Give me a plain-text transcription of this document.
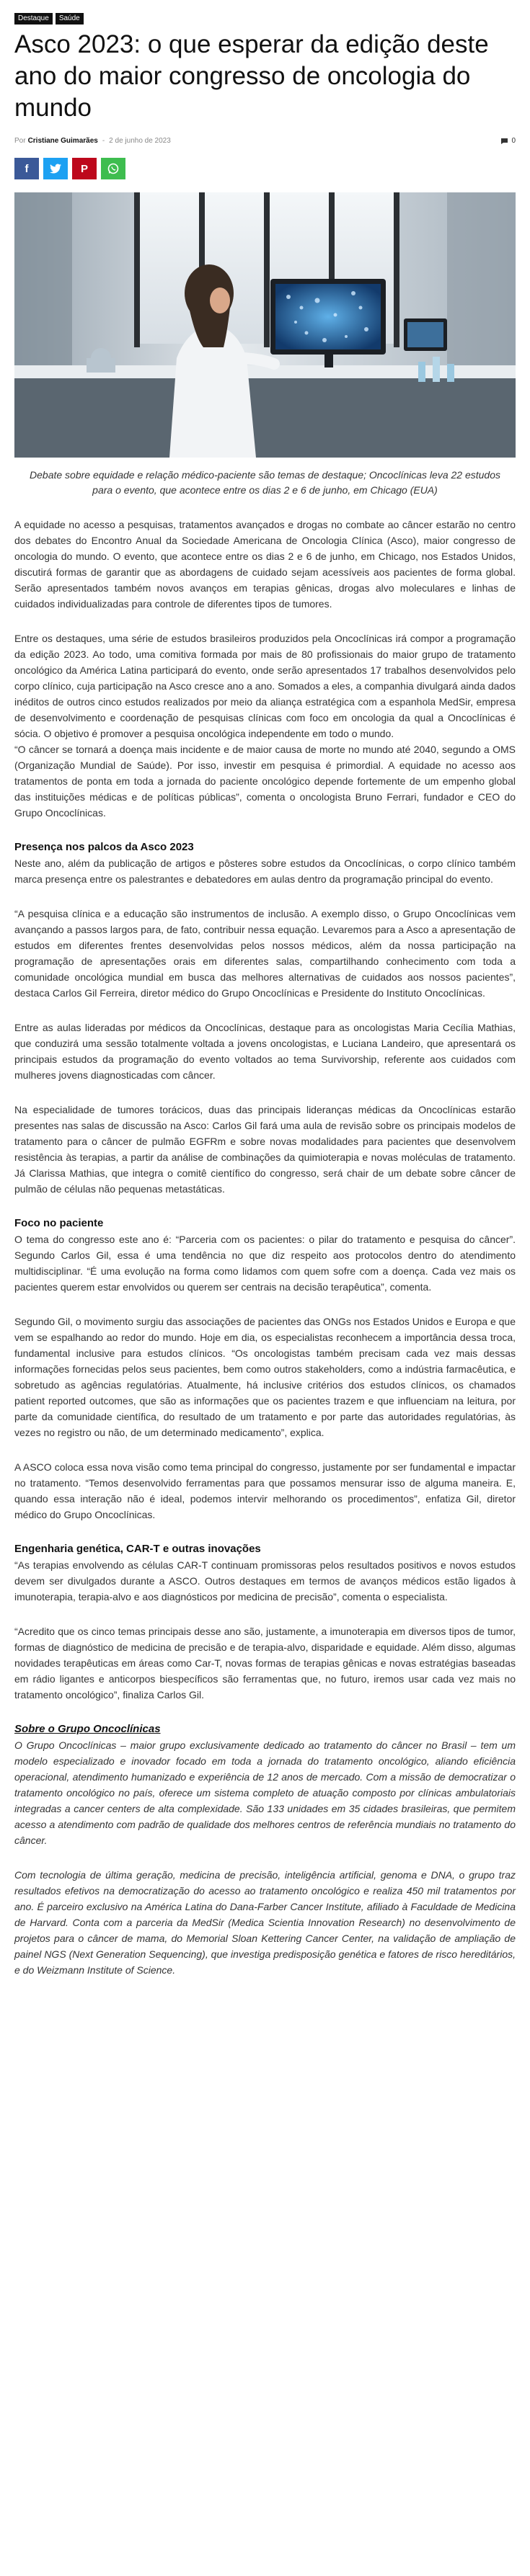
Destaque	Saúde
Asco 2023: o que esperar da edição deste ano do maior congresso de oncologia do mundo
Por Cristiane Guimarães - 2 de junho de 2023	0
f	P

Debate sobre equidade e relação médico-paciente são temas de destaque; Oncoclínicas leva 22 estudos para o evento, que acontece entre os dias 2 e 6 de junho, em Chicago (EUA)

A equidade no acesso a pesquisas, tratamentos avançados e drogas no combate ao câncer estarão no centro dos debates do Encontro Anual da Sociedade Americana de Oncologia Clínica (Asco), maior congresso de oncologia do mundo. O evento, que acontece entre os dias 2 e 6 de junho, em Chicago, nos Estados Unidos, discutirá formas de garantir que as abordagens de cuidado sejam acessíveis aos pacientes de forma global. Serão apresentados também novos avanços em terapias gênicas, drogas alvo moleculares e linhas de cuidados individualizadas para controle de diferentes tipos de tumores.

Entre os destaques, uma série de estudos brasileiros produzidos pela Oncoclínicas irá compor a programação da edição 2023. Ao todo, uma comitiva formada por mais de 80 profissionais do maior grupo de tratamento oncológico da América Latina participará do evento, onde serão apresentados 17 trabalhos desenvolvidos pelo corpo clínico, cuja participação na Asco cresce ano a ano. Somados a eles, a companhia divulgará ainda dados inéditos de outros cinco estudos realizados por meio da aliança estratégica com a espanhola MedSir, empresa de desenvolvimento e coordenação de pesquisas clínicas com foco em oncologia da qual a Oncoclínicas é sócia. O objetivo é promover a pesquisa oncológica independente em todo o mundo.

“O câncer se tornará a doença mais incidente e de maior causa de morte no mundo até 2040, segundo a OMS (Organização Mundial de Saúde). Por isso, investir em pesquisa é primordial. A equidade no acesso aos tratamentos de ponta em toda a jornada do paciente oncológico depende fortemente de um empenho global das instituições médicas e de políticas públicas”, comenta o oncologista Bruno Ferrari, fundador e CEO do Grupo Oncoclínicas.

Presença nos palcos da Asco 2023

Neste ano, além da publicação de artigos e pôsteres sobre estudos da Oncoclínicas, o corpo clínico também marca presença entre os palestrantes e debatedores em aulas dentro da programação principal do evento.

“A pesquisa clínica e a educação são instrumentos de inclusão. A exemplo disso, o Grupo Oncoclínicas vem avançando a passos largos para, de fato, contribuir nessa equação. Levaremos para a Asco a apresentação de estudos em diferentes frentes desenvolvidas pelos nossos médicos, além da nossa participação na programação de apresentações orais em diferentes salas, compartilhando conhecimento com toda a comunidade oncológica mundial em busca das melhores alternativas de cuidados aos nossos pacientes”, destaca Carlos Gil Ferreira, diretor médico do Grupo Oncoclínicas e Presidente do Instituto Oncoclínicas.

Entre as aulas lideradas por médicos da Oncoclínicas, destaque para as oncologistas Maria Cecília Mathias, que conduzirá uma sessão totalmente voltada a jovens oncologistas, e Luciana Landeiro, que apresentará os principais estudos da programação do evento voltados ao tema Survivorship, referente aos cuidados com mulheres jovens diagnosticadas com câncer.

Na especialidade de tumores torácicos, duas das principais lideranças médicas da Oncoclínicas estarão presentes nas salas de discussão na Asco: Carlos Gil fará uma aula de revisão sobre os principais modelos de tratamento para o câncer de pulmão EGFRm e sobre novas modalidades para pacientes que desenvolvem resistência às terapias, a partir da análise de combinações da quimioterapia e novas moléculas de tratamento. Já Clarissa Mathias, que integra o comitê científico do congresso, será chair de um debate sobre câncer de pulmão de células não pequenas metastáticas.

Foco no paciente

O tema do congresso este ano é: “Parceria com os pacientes: o pilar do tratamento e pesquisa do câncer”. Segundo Carlos Gil, essa é uma tendência no que diz respeito aos protocolos dentro do atendimento multidisciplinar. “É uma evolução na forma como lidamos com quem sofre com a doença. Cada vez mais os pacientes querem estar envolvidos ou querem ser centrais na decisão terapêutica”, comenta.

Segundo Gil, o movimento surgiu das associações de pacientes das ONGs nos Estados Unidos e Europa e que vem se espalhando ao redor do mundo. Hoje em dia, os especialistas reconhecem a importância dessa troca, fundamental inclusive para estudos clínicos. “Os oncologistas também precisam cada vez mais dessas informações fornecidas pelos seus pacientes, bem como outros stakeholders, como a indústria farmacêutica, e sobretudo as agências regulatórias. Atualmente, há inclusive critérios dos estudos clínicos, os chamados patient reported outcomes, que são as informações que os pacientes trazem e que influenciam na leitura, por parte da comunidade científica, do resultado de um tratamento e por parte das autoridades regulatórias, às vezes no registro ou não, de um determinado medicamento”, explica.

A ASCO coloca essa nova visão como tema principal do congresso, justamente por ser fundamental e impactar no tratamento. “Temos desenvolvido ferramentas para que possamos mensurar isso de alguma maneira. E, quando essa interação não é ideal, podemos intervir melhorando os procedimentos”, enfatiza Gil, diretor médico do Grupo Oncoclínicas.

Engenharia genética, CAR-T e outras inovações

“As terapias envolvendo as células CAR-T continuam promissoras pelos resultados positivos e novos estudos devem ser divulgados durante a ASCO. Outros destaques em termos de avanços médicos estão ligados à imunoterapia, terapia-alvo e aos diagnósticos por medicina de precisão”, comenta o especialista.

“Acredito que os cinco temas principais desse ano são, justamente, a imunoterapia em diversos tipos de tumor, formas de diagnóstico de medicina de precisão e de terapia-alvo, disparidade e equidade. Além disso, algumas novidades terapêuticas em áreas como Car-T, novas formas de terapias gênicas e novas estratégias baseadas em rádio ligantes e anticorpos biespecíficos são ferramentas que, no futuro, iremos usar cada vez mais no tratamento oncológico”, finaliza Carlos Gil.

Sobre o Grupo Oncoclínicas

O Grupo Oncoclínicas – maior grupo exclusivamente dedicado ao tratamento do câncer no Brasil – tem um modelo especializado e inovador focado em toda a jornada do tratamento oncológico, aliando eficiência operacional, atendimento humanizado e experiência de 12 anos de mercado. Com a missão de democratizar o tratamento oncológico no país, oferece um sistema completo de atuação composto por clínicas ambulatoriais integradas a cancer centers de alta complexidade. São 133 unidades em 35 cidades brasileiras, que permitem acesso a atendimento com padrão de qualidade dos melhores centros de referência mundiais no tratamento do câncer.

Com tecnologia de última geração, medicina de precisão, inteligência artificial, genoma e DNA, o grupo traz resultados efetivos na democratização do acesso ao tratamento oncológico e realiza 450 mil tratamentos por ano. É parceiro exclusivo na América Latina do Dana-Farber Cancer Institute, afiliado à Faculdade de Medicina de Harvard. Conta com a parceria da MedSir (Medica Scientia Innovation Research) no desenvolvimento de projetos para o câncer de mama, do Memorial Sloan Kettering Cancer Center, na validação de ampliação de painel NGS (Next Generation Sequencing), que investiga predisposição genética e fatores de risco hereditários, e do Weizmann Institute of Science.
